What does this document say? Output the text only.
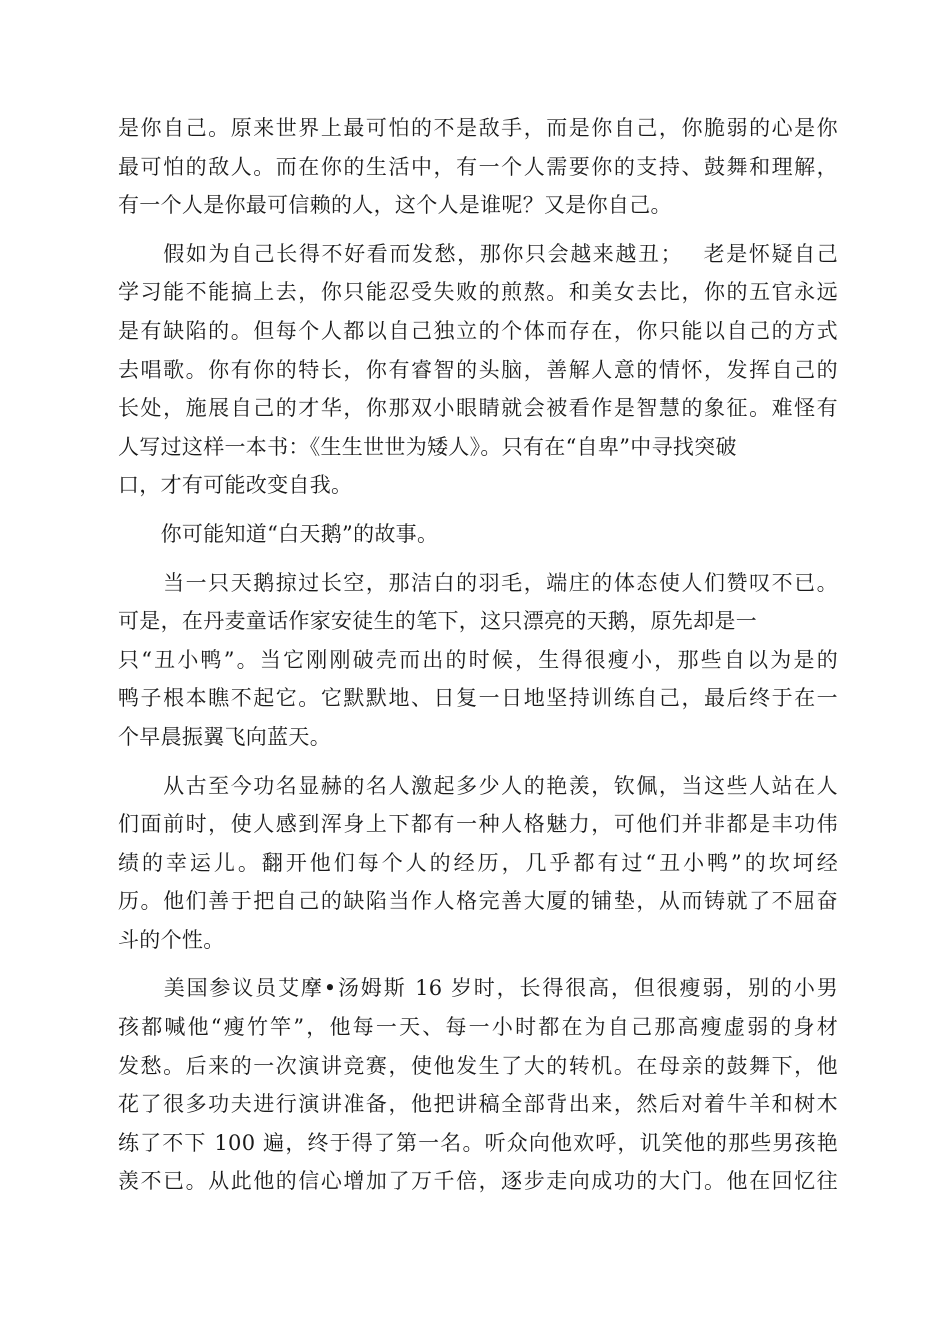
是你自己。原来世界上最可怕的不是敌手，而是你自己，你脆弱的心是你
最可怕的敌人。而在你的生活中，有一个人需要你的支持、鼓舞和理解，
有一个人是你最可信赖的人，这个人是谁呢？又是你自己。

　　假如为自己长得不好看而发愁，那你只会越来越丑；　 老是怀疑自己
学习能不能搞上去，你只能忍受失败的煎熬。和美女去比，你的五官永远
是有缺陷的。但每个人都以自己独立的个体而存在，你只能以自己的方式
去唱歌。你有你的特长，你有睿智的头脑，善解人意的情怀，发挥自己的
长处，施展自己的才华，你那双小眼睛就会被看作是智慧的象征。难怪有
人写过这样一本书：《生生世世为矮人》。只有在“自卑”中寻找突破
口，才有可能改变自我。

　　你可能知道“白天鹅”的故事。

　　当一只天鹅掠过长空，那洁白的羽毛，端庄的体态使人们赞叹不已。
可是，在丹麦童话作家安徒生的笔下，这只漂亮的天鹅，原先却是一
只“丑小鸭”。当它刚刚破壳而出的时候，生得很瘦小，那些自以为是的
鸭子根本瞧不起它。它默默地、日复一日地坚持训练自己，最后终于在一
个早晨振翼飞向蓝天。

　　从古至今功名显赫的名人激起多少人的艳羡，钦佩，当这些人站在人
们面前时，使人感到浑身上下都有一种人格魅力，可他们并非都是丰功伟
绩的幸运儿。翻开他们每个人的经历，几乎都有过“丑小鸭”的坎坷经
历。他们善于把自己的缺陷当作人格完善大厦的铺垫，从而铸就了不屈奋
斗的个性。

　　美国参议员艾摩•汤姆斯 16 岁时，长得很高，但很瘦弱，别的小男
孩都喊他“瘦竹竿”，他每一天、每一小时都在为自己那高瘦虚弱的身材
发愁。后来的一次演讲竞赛，使他发生了大的转机。在母亲的鼓舞下，他
花了很多功夫进行演讲准备，他把讲稿全部背出来，然后对着牛羊和树木
练了不下 100 遍，终于得了第一名。听众向他欢呼，讥笑他的那些男孩艳
羡不已。从此他的信心增加了万千倍，逐步走向成功的大门。他在回忆往
